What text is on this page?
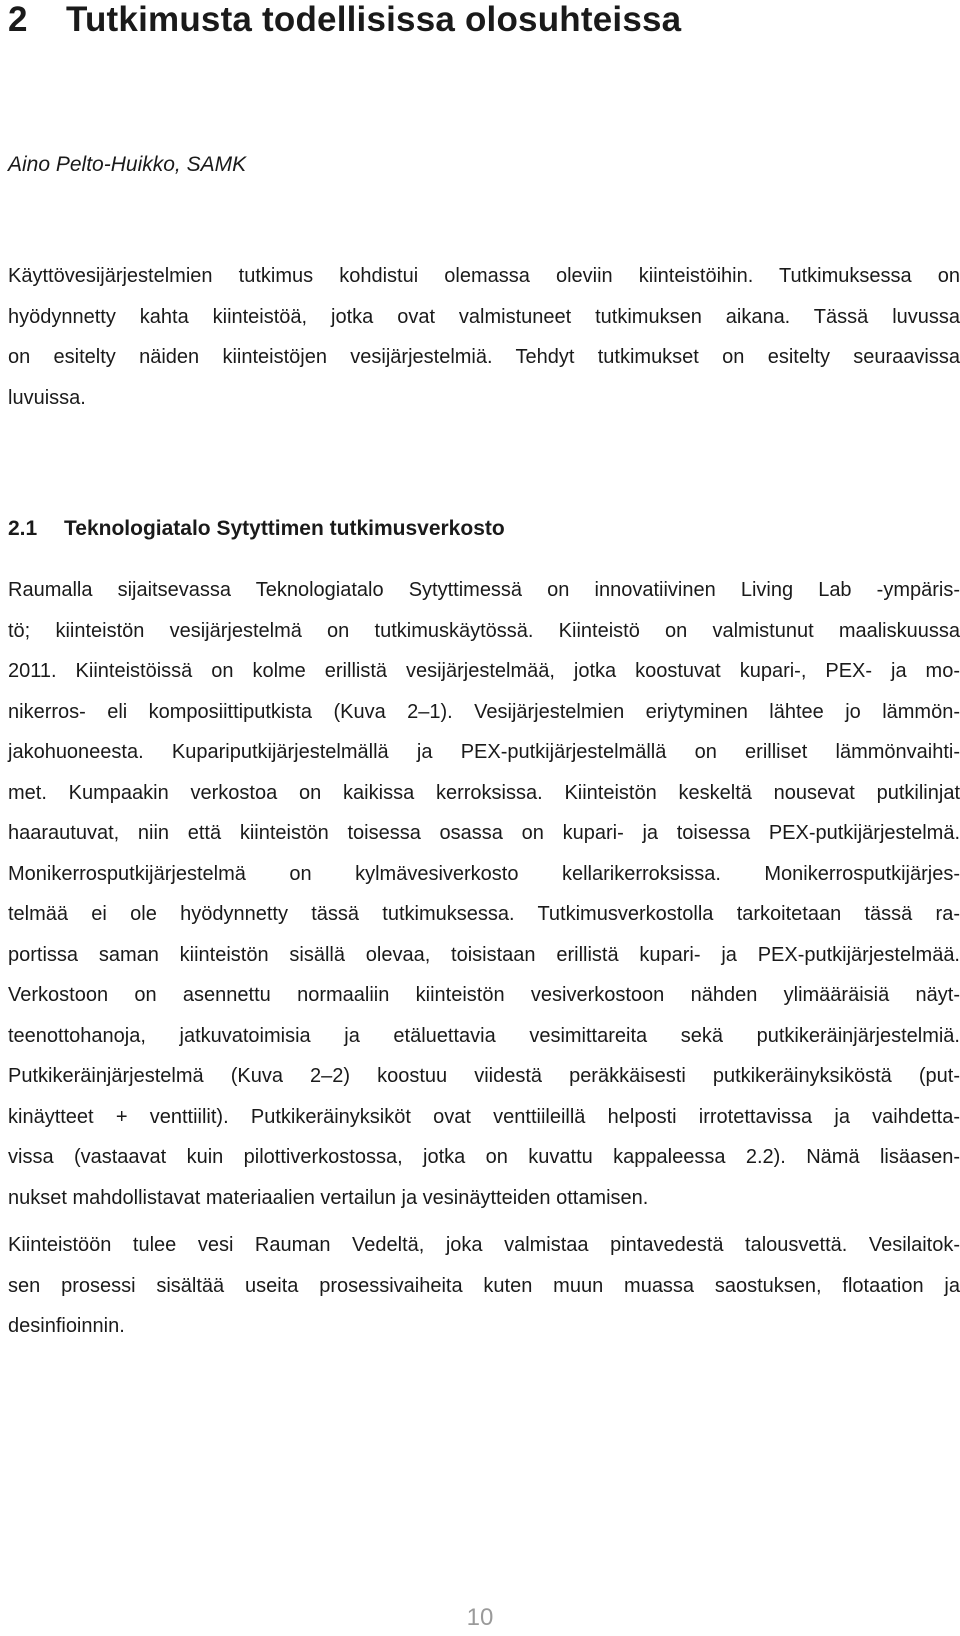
2 Tutkimusta todellisissa olosuhteissa

Aino Pelto-Huikko, SAMK

Käyttövesijärjestelmien tutkimus kohdistui olemassa oleviin kiinteistöihin. Tutkimuksessa on
hyödynnetty kahta kiinteistöä, jotka ovat valmistuneet tutkimuksen aikana. Tässä luvussa
on esitelty näiden kiinteistöjen vesijärjestelmiä. Tehdyt tutkimukset on esitelty seuraavissa
luvuissa.

2.1 Teknologiatalo Sytyttimen tutkimusverkosto

Raumalla sijaitsevassa Teknologiatalo Sytyttimessä on innovatiivinen Living Lab -ympäris-
tö; kiinteistön vesijärjestelmä on tutkimuskäytössä. Kiinteistö on valmistunut maaliskuussa
2011. Kiinteistöissä on kolme erillistä vesijärjestelmää, jotka koostuvat kupari-, PEX- ja mo-
nikerros- eli komposiittiputkista (Kuva 2–1). Vesijärjestelmien eriytyminen lähtee jo lämmön-
jakohuoneesta. Kupariputkijärjestelmällä ja PEX-putkijärjestelmällä on erilliset lämmönvaihti-
met. Kumpaakin verkostoa on kaikissa kerroksissa. Kiinteistön keskeltä nousevat putkilinjat
haarautuvat, niin että kiinteistön toisessa osassa on kupari- ja toisessa PEX-putkijärjestelmä.
Monikerrosputkijärjestelmä on kylmävesiverkosto kellarikerroksissa. Monikerrosputkijärjes-
telmää ei ole hyödynnetty tässä tutkimuksessa. Tutkimusverkostolla tarkoitetaan tässä ra-
portissa saman kiinteistön sisällä olevaa, toisistaan erillistä kupari- ja PEX-putkijärjestelmää.
Verkostoon on asennettu normaaliin kiinteistön vesiverkostoon nähden ylimääräisiä näyt-
teenottohanoja, jatkuvatoimisia ja etäluettavia vesimittareita sekä putkikeräinjärjestelmiä.
Putkikeräinjärjestelmä (Kuva 2–2) koostuu viidestä peräkkäisesti putkikeräinyksiköstä (put-
kinäytteet + venttiilit). Putkikeräinyksiköt ovat venttiileillä helposti irrotettavissa ja vaihdetta-
vissa (vastaavat kuin pilottiverkostossa, jotka on kuvattu kappaleessa 2.2). Nämä lisäasen-
nukset mahdollistavat materiaalien vertailun ja vesinäytteiden ottamisen.

Kiinteistöön tulee vesi Rauman Vedeltä, joka valmistaa pintavedestä talousvettä. Vesilaitok-
sen prosessi sisältää useita prosessivaiheita kuten muun muassa saostuksen, flotaation ja
desinfioinnin.

10
